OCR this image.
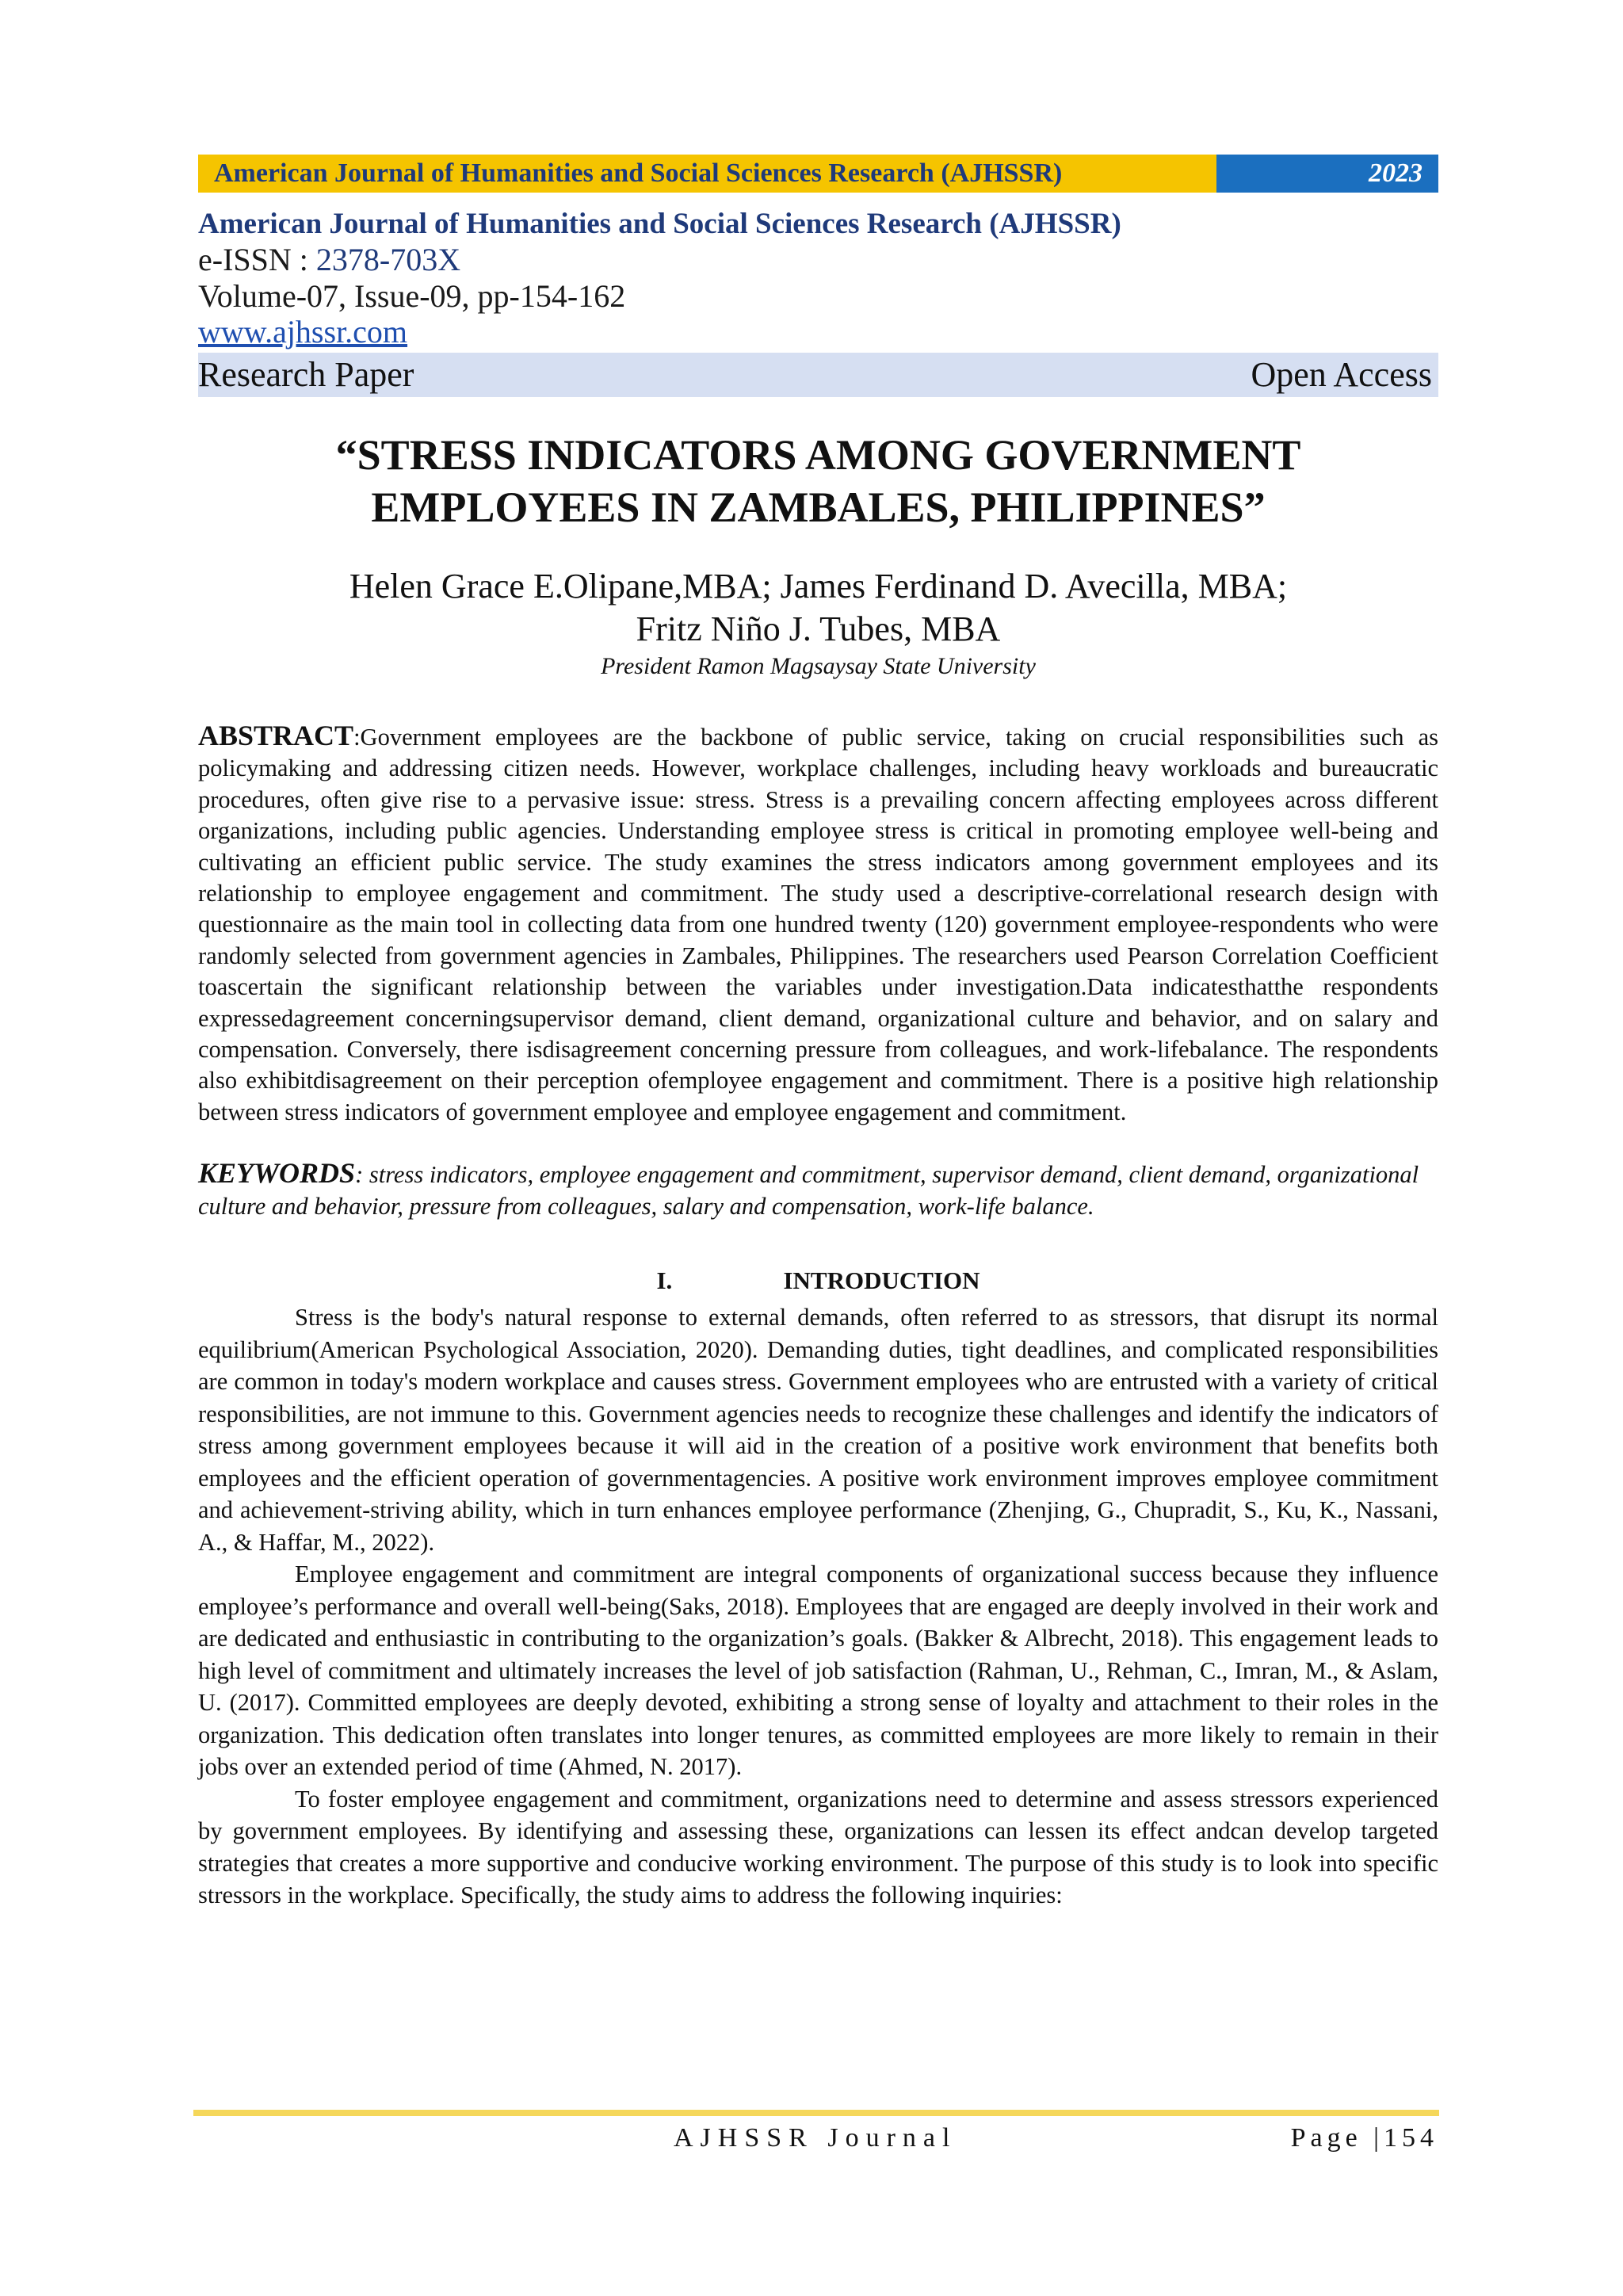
American Journal of Humanities and Social Sciences Research (AJHSSR)	2023
American Journal of Humanities and Social Sciences Research (AJHSSR)
e-ISSN : 2378-703X
Volume-07, Issue-09, pp-154-162
www.ajhssr.com
Research Paper	Open Access
“STRESS INDICATORS AMONG GOVERNMENT
EMPLOYEES IN ZAMBALES, PHILIPPINES”
Helen Grace E.Olipane,MBA; James Ferdinand D. Avecilla, MBA;
Fritz Niño J. Tubes, MBA
President Ramon Magsaysay State University
ABSTRACT:Government employees are the backbone of public service, taking on crucial responsibilities such as policymaking and addressing citizen needs. However, workplace challenges, including heavy workloads and bureaucratic procedures, often give rise to a pervasive issue: stress. Stress is a prevailing concern affecting employees across different organizations, including public agencies. Understanding employee stress is critical in promoting employee well-being and cultivating an efficient public service. The study examines the stress indicators among government employees and its relationship to employee engagement and commitment. The study used a descriptive-correlational research design with questionnaire as the main tool in collecting data from one hundred twenty (120) government employee-respondents who were randomly selected from government agencies in Zambales, Philippines. The researchers used Pearson Correlation Coefficient toascertain the significant relationship between the variables under investigation.Data indicatesthatthe respondents expressedagreement concerningsupervisor demand, client demand, organizational culture and behavior, and on salary and compensation. Conversely, there isdisagreement concerning pressure from colleagues, and work-lifebalance. The respondents also exhibitdisagreement on their perception ofemployee engagement and commitment. There is a positive high relationship between stress indicators of government employee and employee engagement and commitment.
KEYWORDS: stress indicators, employee engagement and commitment, supervisor demand, client demand, organizational culture and behavior, pressure from colleagues, salary and compensation, work-life balance.
I.	INTRODUCTION

Stress is the body's natural response to external demands, often referred to as stressors, that disrupt its normal equilibrium(American Psychological Association, 2020). Demanding duties, tight deadlines, and complicated responsibilities are common in today's modern workplace and causes stress. Government employees who are entrusted with a variety of critical responsibilities, are not immune to this. Government agencies needs to recognize these challenges and identify the indicators of stress among government employees because it will aid in the creation of a positive work environment that benefits both employees and the efficient operation of governmentagencies. A positive work environment improves employee commitment and achievement-striving ability, which in turn enhances employee performance (Zhenjing, G., Chupradit, S., Ku, K., Nassani, A., & Haffar, M., 2022).

Employee engagement and commitment are integral components of organizational success because they influence employee’s performance and overall well-being(Saks, 2018). Employees that are engaged are deeply involved in their work and are dedicated and enthusiastic in contributing to the organization’s goals. (Bakker & Albrecht, 2018). This engagement leads to high level of commitment and ultimately increases the level of job satisfaction (Rahman, U., Rehman, C., Imran, M., & Aslam, U. (2017). Committed employees are deeply devoted, exhibiting a strong sense of loyalty and attachment to their roles in the organization. This dedication often translates into longer tenures, as committed employees are more likely to remain in their jobs over an extended period of time (Ahmed, N. 2017).

To foster employee engagement and commitment, organizations need to determine and assess stressors experienced by government employees. By identifying and assessing these, organizations can lessen its effect andcan develop targeted strategies that creates a more supportive and conducive working environment. The purpose of this study is to look into specific stressors in the workplace. Specifically, the study aims to address the following inquiries:

AJHSSR Journal	Page |154
